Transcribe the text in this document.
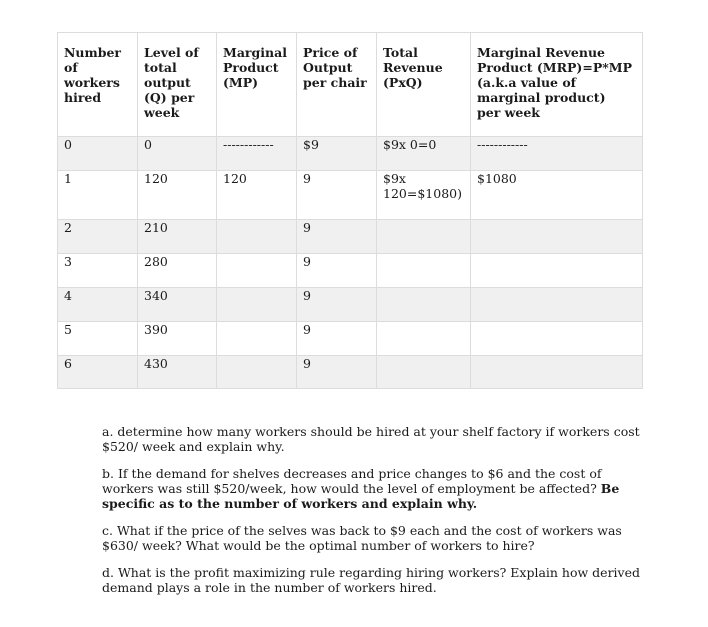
Number of workers hired	Level of total output (Q) per week	Marginal Product (MP)	Price of Output per chair	Total Revenue (PxQ)	Marginal Revenue Product (MRP)=P*MP
(a.k.a value of marginal product)
per week

0	0	------------	$9	$9x 0=0	------------
1	120	120	9	$9x 120=$1080)	$1080
2	210		9		
3	280		9		
4	340		9		
5	390		9		
6	430		9		

a. determine how many workers should be hired at your shelf factory if workers cost $520/ week and explain why.

b. If the demand for shelves decreases and price changes to $6 and the cost of workers was still $520/week, how would the level of employment be affected? Be specific as to the number of workers and explain why.

c. What if the price of the selves was back to $9 each and the cost of workers was $630/ week? What would be the optimal number of workers to hire?

d. What is the profit maximizing rule regarding hiring workers? Explain how derived demand plays a role in the number of workers hired.
